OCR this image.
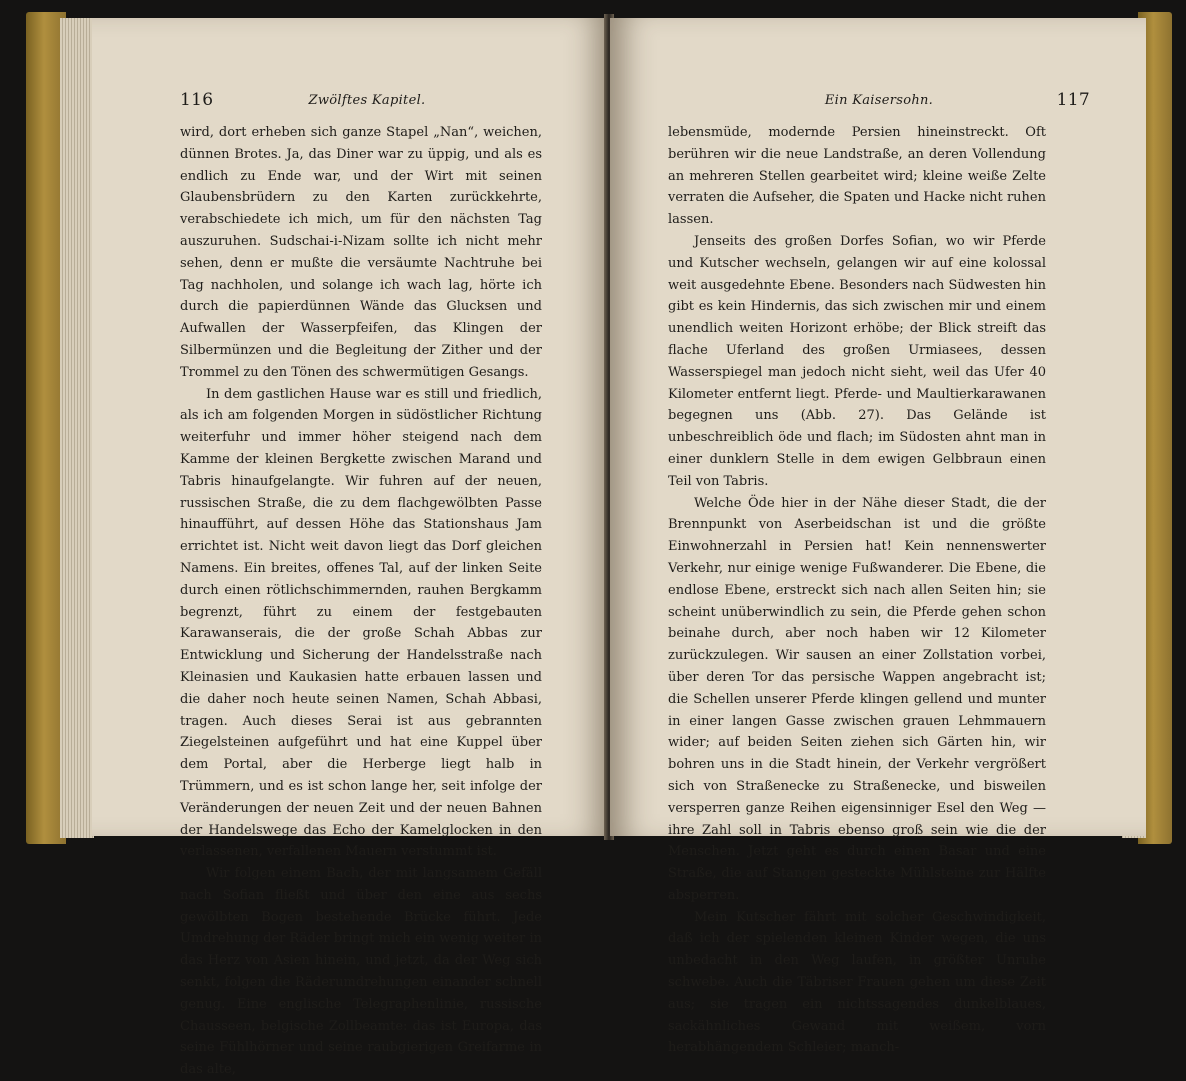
116	Zwölftes Kapitel.

wird, dort erheben sich ganze Stapel „Nan“, weichen, dünnen Brotes. Ja, das Diner war zu üppig, und als es endlich zu Ende war, und der Wirt mit seinen Glaubensbrüdern zu den Karten zurückkehrte, verabschiedete ich mich, um für den nächsten Tag auszuruhen. Sudschai-i-Nizam sollte ich nicht mehr sehen, denn er mußte die versäumte Nachtruhe bei Tag nachholen, und solange ich wach lag, hörte ich durch die papierdünnen Wände das Glucksen und Aufwallen der Wasserpfeifen, das Klingen der Silbermünzen und die Begleitung der Zither und der Trommel zu den Tönen des schwermütigen Gesangs.

In dem gastlichen Hause war es still und friedlich, als ich am folgenden Morgen in südöstlicher Richtung weiterfuhr und immer höher steigend nach dem Kamme der kleinen Bergkette zwischen Marand und Tabris hinaufgelangte. Wir fuhren auf der neuen, russischen Straße, die zu dem flachgewölbten Passe hinaufführt, auf dessen Höhe das Stationshaus Jam errichtet ist. Nicht weit davon liegt das Dorf gleichen Namens. Ein breites, offenes Tal, auf der linken Seite durch einen rötlichschimmernden, rauhen Bergkamm begrenzt, führt zu einem der festgebauten Karawanserais, die der große Schah Abbas zur Entwicklung und Sicherung der Handelsstraße nach Kleinasien und Kaukasien hatte erbauen lassen und die daher noch heute seinen Namen, Schah Abbasi, tragen. Auch dieses Serai ist aus gebrannten Ziegelsteinen aufgeführt und hat eine Kuppel über dem Portal, aber die Herberge liegt halb in Trümmern, und es ist schon lange her, seit infolge der Veränderungen der neuen Zeit und der neuen Bahnen der Handelswege das Echo der Kamelglocken in den verlassenen, verfallenen Mauern verstummt ist.

Wir folgen einem Bach, der mit langsamem Gefäll nach Sofian fließt und über den eine aus sechs gewölbten Bogen bestehende Brücke führt. Jede Umdrehung der Räder bringt mich ein wenig weiter in das Herz von Asien hinein, und jetzt, da der Weg sich senkt, folgen die Räderumdrehungen einander schnell genug. Eine englische Telegraphenlinie, russische Chausseen, belgische Zollbeamte: das ist Europa, das seine Fühlhörner und seine raubgierigen Greifarme in das alte,

Ein Kaisersohn.	117

lebensmüde, modernde Persien hineinstreckt. Oft berühren wir die neue Landstraße, an deren Vollendung an mehreren Stellen gearbeitet wird; kleine weiße Zelte verraten die Aufseher, die Spaten und Hacke nicht ruhen lassen.

Jenseits des großen Dorfes Sofian, wo wir Pferde und Kutscher wechseln, gelangen wir auf eine kolossal weit ausgedehnte Ebene. Besonders nach Südwesten hin gibt es kein Hindernis, das sich zwischen mir und einem unendlich weiten Horizont erhöbe; der Blick streift das flache Uferland des großen Urmiasees, dessen Wasserspiegel man jedoch nicht sieht, weil das Ufer 40 Kilometer entfernt liegt. Pferde- und Maultierkarawanen begegnen uns (Abb. 27). Das Gelände ist unbeschreiblich öde und flach; im Südosten ahnt man in einer dunklern Stelle in dem ewigen Gelbbraun einen Teil von Tabris.

Welche Öde hier in der Nähe dieser Stadt, die der Brennpunkt von Aserbeidschan ist und die größte Einwohnerzahl in Persien hat! Kein nennenswerter Verkehr, nur einige wenige Fußwanderer. Die Ebene, die endlose Ebene, erstreckt sich nach allen Seiten hin; sie scheint unüberwindlich zu sein, die Pferde gehen schon beinahe durch, aber noch haben wir 12 Kilometer zurückzulegen. Wir sausen an einer Zollstation vorbei, über deren Tor das persische Wappen angebracht ist; die Schellen unserer Pferde klingen gellend und munter in einer langen Gasse zwischen grauen Lehmmauern wider; auf beiden Seiten ziehen sich Gärten hin, wir bohren uns in die Stadt hinein, der Verkehr vergrößert sich von Straßenecke zu Straßenecke, und bisweilen versperren ganze Reihen eigensinniger Esel den Weg — ihre Zahl soll in Tabris ebenso groß sein wie die der Menschen. Jetzt geht es durch einen Basar und eine Straße, die auf Stangen gesteckte Mühlsteine zur Hälfte absperren.

Mein Kutscher fährt mit solcher Geschwindigkeit, daß ich der spielenden kleinen Kinder wegen, die uns unbedacht in den Weg laufen, in größter Unruhe schwebe. Auch die Täbriser Frauen gehen um diese Zeit aus; sie tragen ein nichtssagendes dunkelblaues, sackähnliches Gewand mit weißem, vorn herabhängendem Schleier; manch-
